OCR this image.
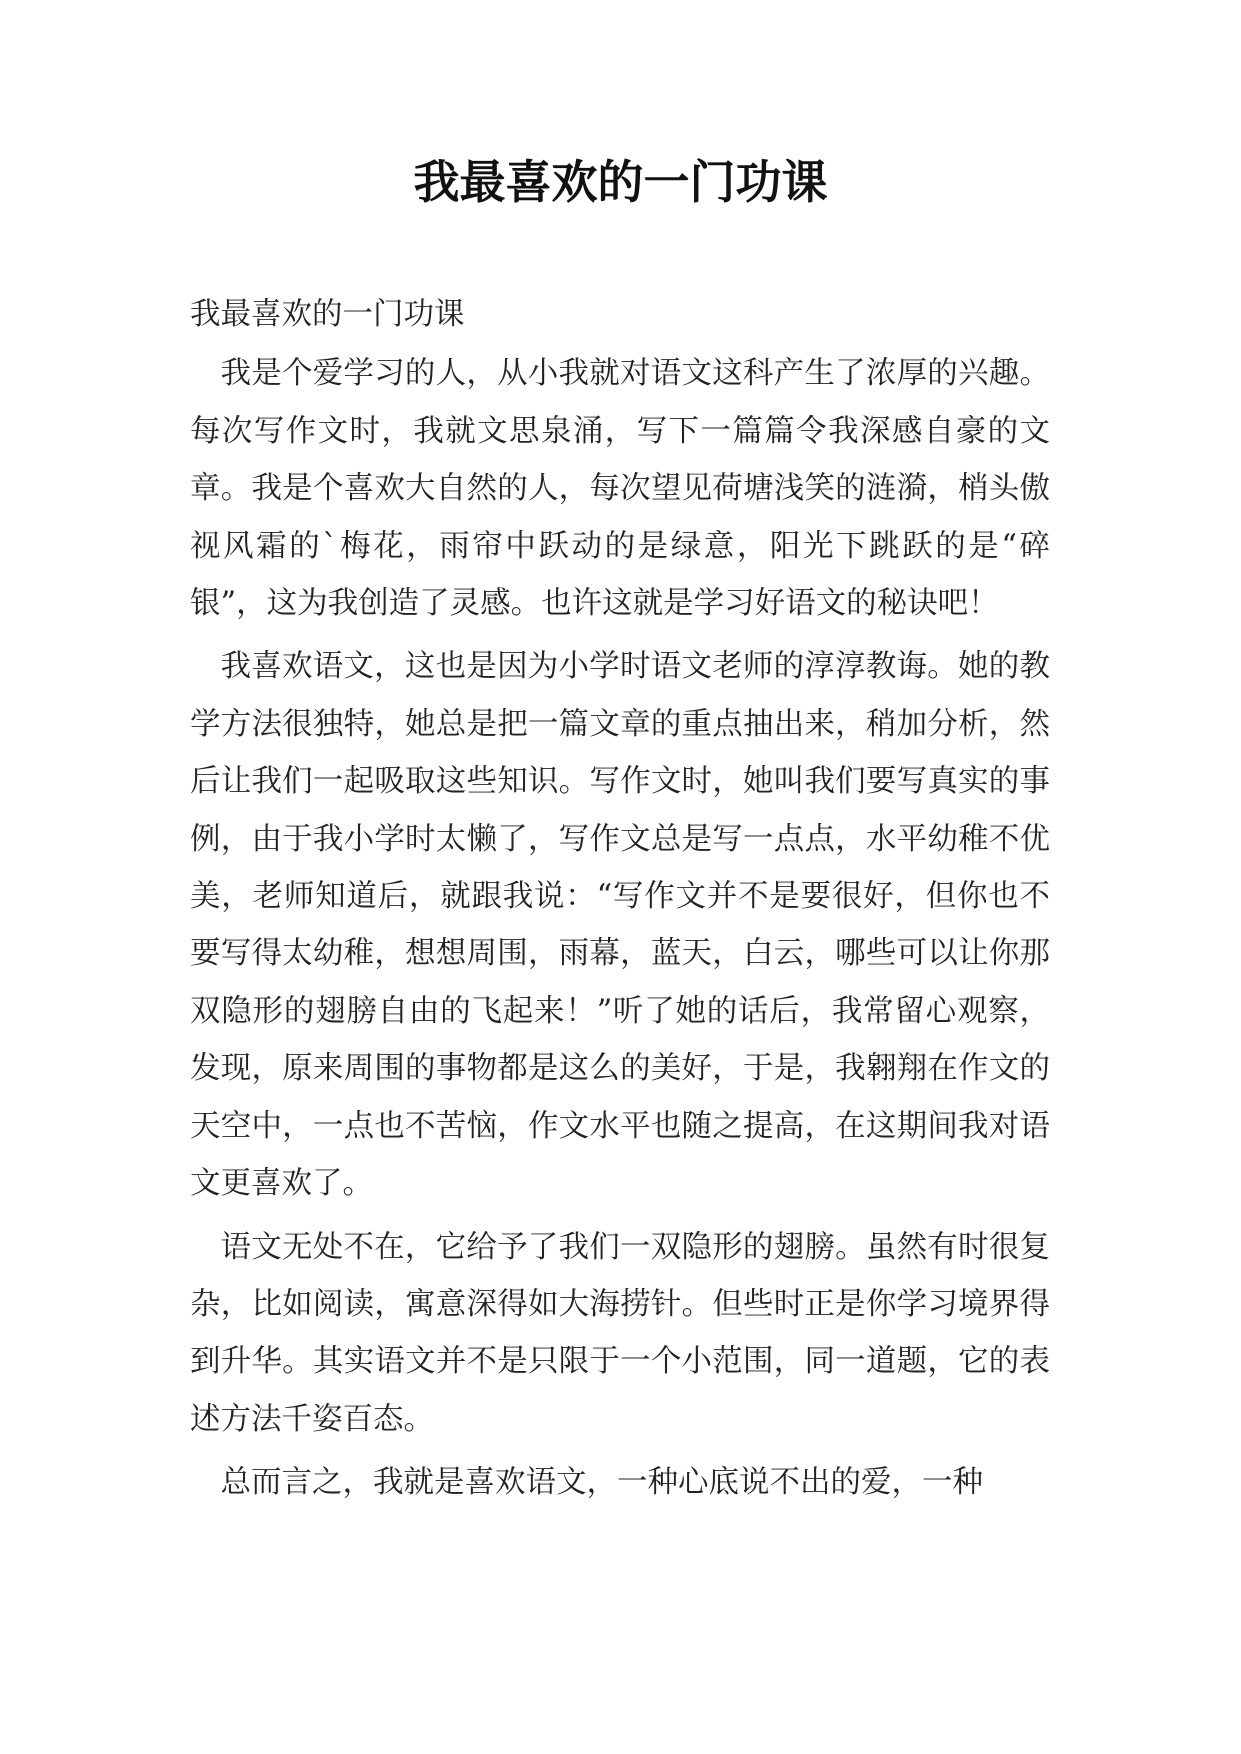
我最喜欢的一门功课

我最喜欢的一门功课

我是个爱学习的人，从小我就对语文这科产生了浓厚的兴趣。每次写作文时，我就文思泉涌，写下一篇篇令我深感自豪的文章。我是个喜欢大自然的人，每次望见荷塘浅笑的涟漪，梢头傲视风霜的`梅花，雨帘中跃动的是绿意，阳光下跳跃的是“碎银”，这为我创造了灵感。也许这就是学习好语文的秘诀吧！

我喜欢语文，这也是因为小学时语文老师的淳淳教诲。她的教学方法很独特，她总是把一篇文章的重点抽出来，稍加分析，然后让我们一起吸取这些知识。写作文时，她叫我们要写真实的事例，由于我小学时太懒了，写作文总是写一点点，水平幼稚不优美，老师知道后，就跟我说：“写作文并不是要很好，但你也不要写得太幼稚，想想周围，雨幕，蓝天，白云，哪些可以让你那双隐形的翅膀自由的飞起来！”听了她的话后，我常留心观察，发现，原来周围的事物都是这么的美好，于是，我翱翔在作文的天空中，一点也不苦恼，作文水平也随之提高，在这期间我对语文更喜欢了。

语文无处不在，它给予了我们一双隐形的翅膀。虽然有时很复杂，比如阅读，寓意深得如大海捞针。但些时正是你学习境界得到升华。其实语文并不是只限于一个小范围，同一道题，它的表述方法千姿百态。

总而言之，我就是喜欢语文，一种心底说不出的爱，一种
